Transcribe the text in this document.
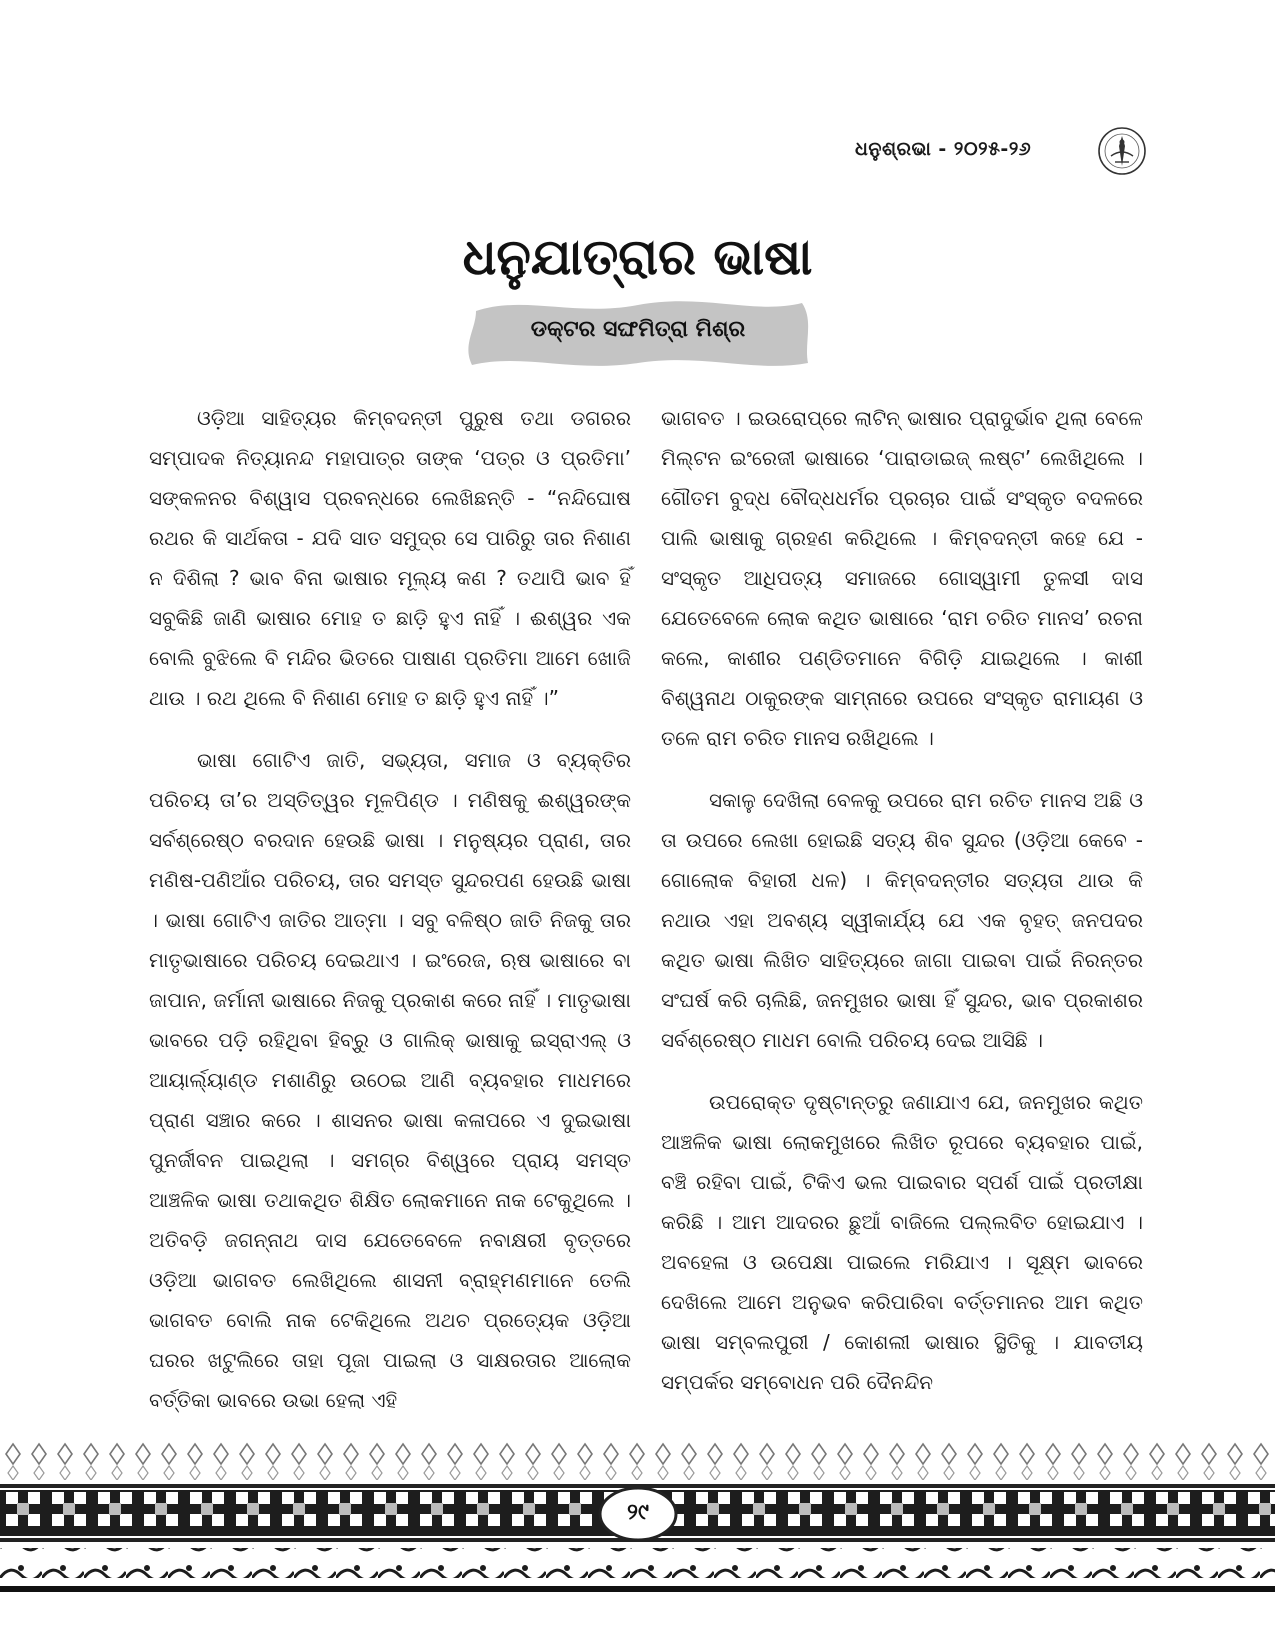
ଧନୁଶ୍ରଭା - ୨୦୨୫-୨୬
ଧନୁଯାତ୍ରାର ଭାଷା
ଡକ୍ଟର ସଙ୍ଘମିତ୍ରା ମିଶ୍ର

ଓଡ଼ିଆ ସାହିତ୍ୟର କିମ୍ବଦନ୍ତୀ ପୁରୁଷ ତଥା ଡଗରର ସମ୍ପାଦକ ନିତ୍ୟାନନ୍ଦ ମହାପାତ୍ର ତାଙ୍କ ‘ପତ୍ର ଓ ପ୍ରତିମା’ ସଙ୍କଳନର ବିଶ୍ୱାସ ପ୍ରବନ୍ଧରେ ଲେଖିଛନ୍ତି - “ନନ୍ଦିଘୋଷ ରଥର କି ସାର୍ଥକତା - ଯଦି ସାତ ସମୁଦ୍ର ସେ ପାରିରୁ ତାର ନିଶାଣ ନ ଦିଶିଲା ? ଭାବ ବିନା ଭାଷାର ମୂଲ୍ୟ କଣ ? ତଥାପି ଭାବ ହିଁ ସବୁକିଛି ଜାଣି ଭାଷାର ମୋହ ତ ଛାଡ଼ି ହୁଏ ନାହିଁ । ଈଶ୍ୱର ଏକ ବୋଲି ବୁଝିଲେ ବି ମନ୍ଦିର ଭିତରେ ପାଷାଣ ପ୍ରତିମା ଆମେ ଖୋଜି ଥାଉ । ରଥ ଥିଲେ ବି ନିଶାଣ ମୋହ ତ ଛାଡ଼ି ହୁଏ ନାହିଁ ।”

ଭାଷା ଗୋଟିଏ ଜାତି, ସଭ୍ୟତା, ସମାଜ ଓ ବ୍ୟକ୍ତିର ପରିଚୟ ତା’ର ଅସ୍ତିତ୍ୱର ମୂଳପିଣ୍ଡ । ମଣିଷକୁ ଈଶ୍ୱରଙ୍କ ସର୍ବଶ୍ରେଷ୍ଠ ବରଦାନ ହେଉଛି ଭାଷା । ମନୁଷ୍ୟର ପ୍ରାଣ, ତାର ମଣିଷ-ପଣିଆଁର ପରିଚୟ, ତାର ସମସ୍ତ ସୁନ୍ଦରପଣ ହେଉଛି ଭାଷା । ଭାଷା ଗୋଟିଏ ଜାତିର ଆତ୍ମା । ସବୁ ବଳିଷ୍ଠ ଜାତି ନିଜକୁ ତାର ମାତୃଭାଷାରେ ପରିଚୟ ଦେଇଥାଏ । ଇଂରେଜ, ଋଷ ଭାଷାରେ ବା ଜାପାନ, ଜର୍ମାନୀ ଭାଷାରେ ନିଜକୁ ପ୍ରକାଶ କରେ ନାହିଁ । ମାତୃଭାଷା ଭାବରେ ପଡ଼ି ରହିଥିବା ହିବ୍ରୁ ଓ ଗାଲିକ୍ ଭାଷାକୁ ଇସ୍ରାଏଲ୍ ଓ ଆୟାର୍ଲ୍ୟାଣ୍ଡ ମଶାଣିରୁ ଉଠେଇ ଆଣି ବ୍ୟବହାର ମାଧମରେ ପ୍ରାଣ ସଞ୍ଚାର କରେ । ଶାସନର ଭାଷା କଳାପରେ ଏ ଦୁଇଭାଷା ପୁନର୍ଜୀବନ ପାଇଥିଲା । ସମଗ୍ର ବିଶ୍ୱରେ ପ୍ରାୟ ସମସ୍ତ ଆଞ୍ଚଳିକ ଭାଷା ତଥାକଥିତ ଶିକ୍ଷିତ ଲୋକମାନେ ନାକ ଟେକୁଥିଲେ । ଅତିବଡ଼ି ଜଗନ୍ନାଥ ଦାସ ଯେତେବେଳେ ନବାକ୍ଷରୀ ବୃତ୍ତରେ ଓଡ଼ିଆ ଭାଗବତ ଲେଖିଥିଲେ ଶାସନୀ ବ୍ରାହ୍ମଣମାନେ ତେଲି ଭାଗବତ ବୋଲି ନାକ ଟେକିଥିଲେ ଅଥଚ ପ୍ରତ୍ୟେକ ଓଡ଼ିଆ ଘରର ଖଟୁଲିରେ ତାହା ପୂଜା ପାଇଲା ଓ ସାକ୍ଷରତାର ଆଲୋକ ବର୍ତ୍ତିକା ଭାବରେ ଉଭା ହେଲା ଏହି

ଭାଗବତ । ଇଉରୋପ୍‌ରେ ଲାଟିନ୍ ଭାଷାର ପ୍ରାଦୁର୍ଭାବ ଥିଲା ବେଳେ ମିଲ୍‌ଟନ ଇଂରେଜୀ ଭାଷାରେ ‘ପାରାଡାଇଜ୍ ଲଷ୍ଟ’ ଲେଖିଥିଲେ । ଗୌତମ ବୁଦ୍ଧ ବୌଦ୍ଧଧର୍ମର ପ୍ରଚାର ପାଇଁ ସଂସ୍କୃତ ବଦଳରେ ପାଲି ଭାଷାକୁ ଗ୍ରହଣ କରିଥିଲେ । କିମ୍ବଦନ୍ତୀ କହେ ଯେ - ସଂସ୍କୃତ ଆଧିପତ୍ୟ ସମାଜରେ ଗୋସ୍ୱାମୀ ତୁଳସୀ ଦାସ ଯେତେବେଳେ ଲୋକ କଥିତ ଭାଷାରେ ‘ରାମ ଚରିତ ମାନସ’ ରଚନା କଲେ, କାଶୀର ପଣ୍ଡିତମାନେ ବିଗିଡ଼ି ଯାଇଥିଲେ । କାଶୀ ବିଶ୍ୱନାଥ ଠାକୁରଙ୍କ ସାମ୍ନାରେ ଉପରେ ସଂସ୍କୃତ ରାମାୟଣ ଓ ତଳେ ରାମ ଚରିତ ମାନସ ରଖିଥିଲେ ।

ସକାଳୁ ଦେଖିଲା ବେଳକୁ ଉପରେ ରାମ ରଚିତ ମାନସ ଅଛି ଓ ତା ଉପରେ ଲେଖା ହୋଇଛି ସତ୍ୟ ଶିବ ସୁନ୍ଦର (ଓଡ଼ିଆ କେବେ - ଗୋଲୋକ ବିହାରୀ ଧଳ) । କିମ୍ବଦନ୍ତୀର ସତ୍ୟତା ଥାଉ କି ନଥାଉ ଏହା ଅବଶ୍ୟ ସ୍ୱୀକାର୍ଯ୍ୟ ଯେ ଏକ ବୃହତ୍ ଜନପଦର କଥିତ ଭାଷା ଲିଖିତ ସାହିତ୍ୟରେ ଜାଗା ପାଇବା ପାଇଁ ନିରନ୍ତର ସଂଘର୍ଷ କରି ଚାଲିଛି, ଜନମୁଖର ଭାଷା ହିଁ ସୁନ୍ଦର, ଭାବ ପ୍ରକାଶର ସର୍ବଶ୍ରେଷ୍ଠ ମାଧମ ବୋଲି ପରିଚୟ ଦେଇ ଆସିଛି ।

ଉପରୋକ୍ତ ଦୃଷ୍ଟାନ୍ତରୁ ଜଣାଯାଏ ଯେ, ଜନମୁଖର କଥିତ ଆଞ୍ଚଳିକ ଭାଷା ଲୋକମୁଖରେ ଲିଖିତ ରୂପରେ ବ୍ୟବହାର ପାଇଁ, ବଞ୍ଚି ରହିବା ପାଇଁ, ଟିକିଏ ଭଲ ପାଇବାର ସ୍ପର୍ଶ ପାଇଁ ପ୍ରତୀକ୍ଷା କରିଛି । ଆମ ଆଦରର ଛୁଆଁ ବାଜିଲେ ପଲ୍ଲବିତ ହୋଇଯାଏ । ଅବହେଳା ଓ ଉପେକ୍ଷା ପାଇଲେ ମରିଯାଏ । ସୂକ୍ଷ୍ମ ଭାବରେ ଦେଖିଲେ ଆମେ ଅନୁଭବ କରିପାରିବା ବର୍ତ୍ତମାନର ଆମ କଥିତ ଭାଷା ସମ୍ବଲପୁରୀ / କୋଶଲୀ ଭାଷାର ସ୍ଥିତିକୁ । ଯାବତୀୟ ସମ୍ପର୍କର ସମ୍ବୋଧନ ପରି ଦୈନନ୍ଦିନ

୨୯
